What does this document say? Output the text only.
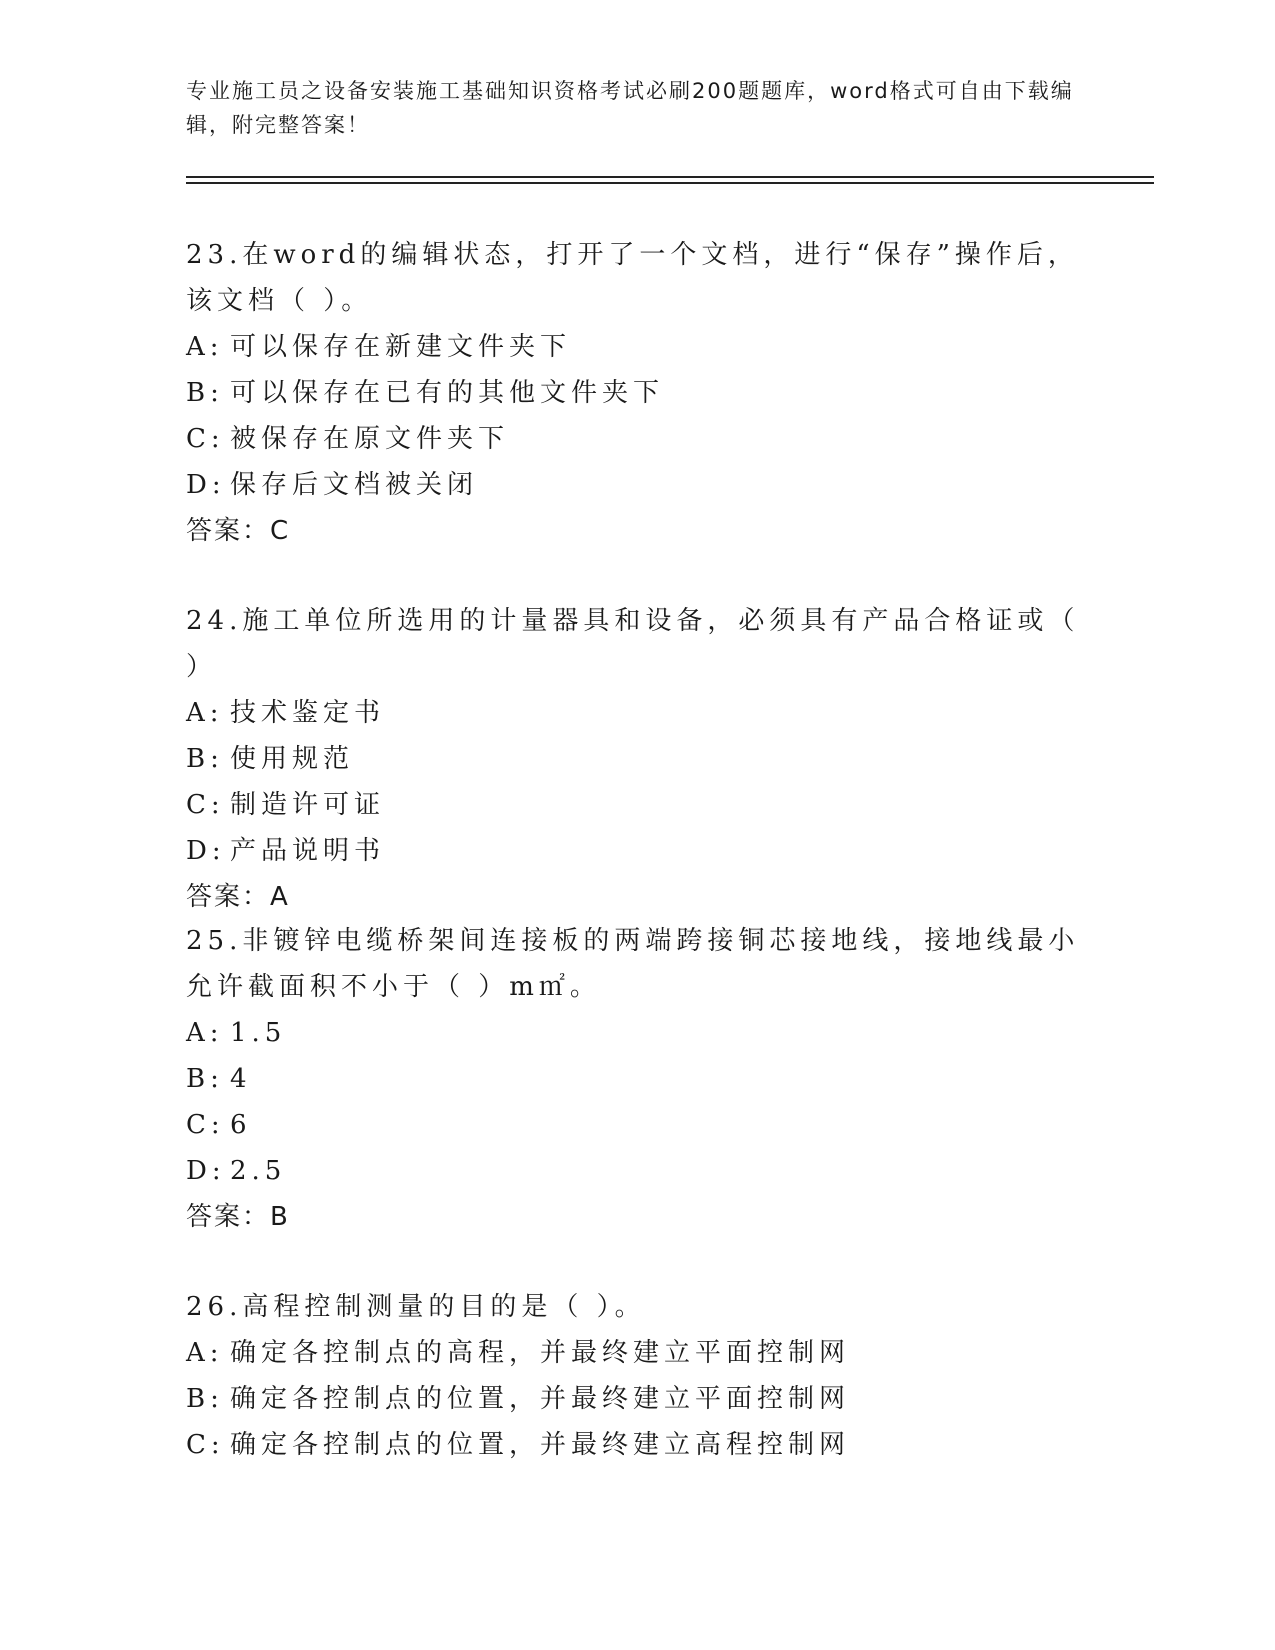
专业施工员之设备安装施工基础知识资格考试必刷200题题库，word格式可自由下载编辑，附完整答案！

23.在word的编辑状态，打开了一个文档，进行“保存”操作后，该文档（ ）。

A: 可以保存在新建文件夹下
B: 可以保存在已有的其他文件夹下
C: 被保存在原文件夹下
D: 保存后文档被关闭
答案：C

24.施工单位所选用的计量器具和设备，必须具有产品合格证或（ ）

A: 技术鉴定书
B: 使用规范
C: 制造许可证
D: 产品说明书
答案：A

25.非镀锌电缆桥架间连接板的两端跨接铜芯接地线，接地线最小允许截面积不小于（ ）m㎡。

A: 1.5
B: 4
C: 6
D: 2.5
答案：B

26.高程控制测量的目的是（ ）。

A: 确定各控制点的高程，并最终建立平面控制网
B: 确定各控制点的位置，并最终建立平面控制网
C: 确定各控制点的位置，并最终建立高程控制网
